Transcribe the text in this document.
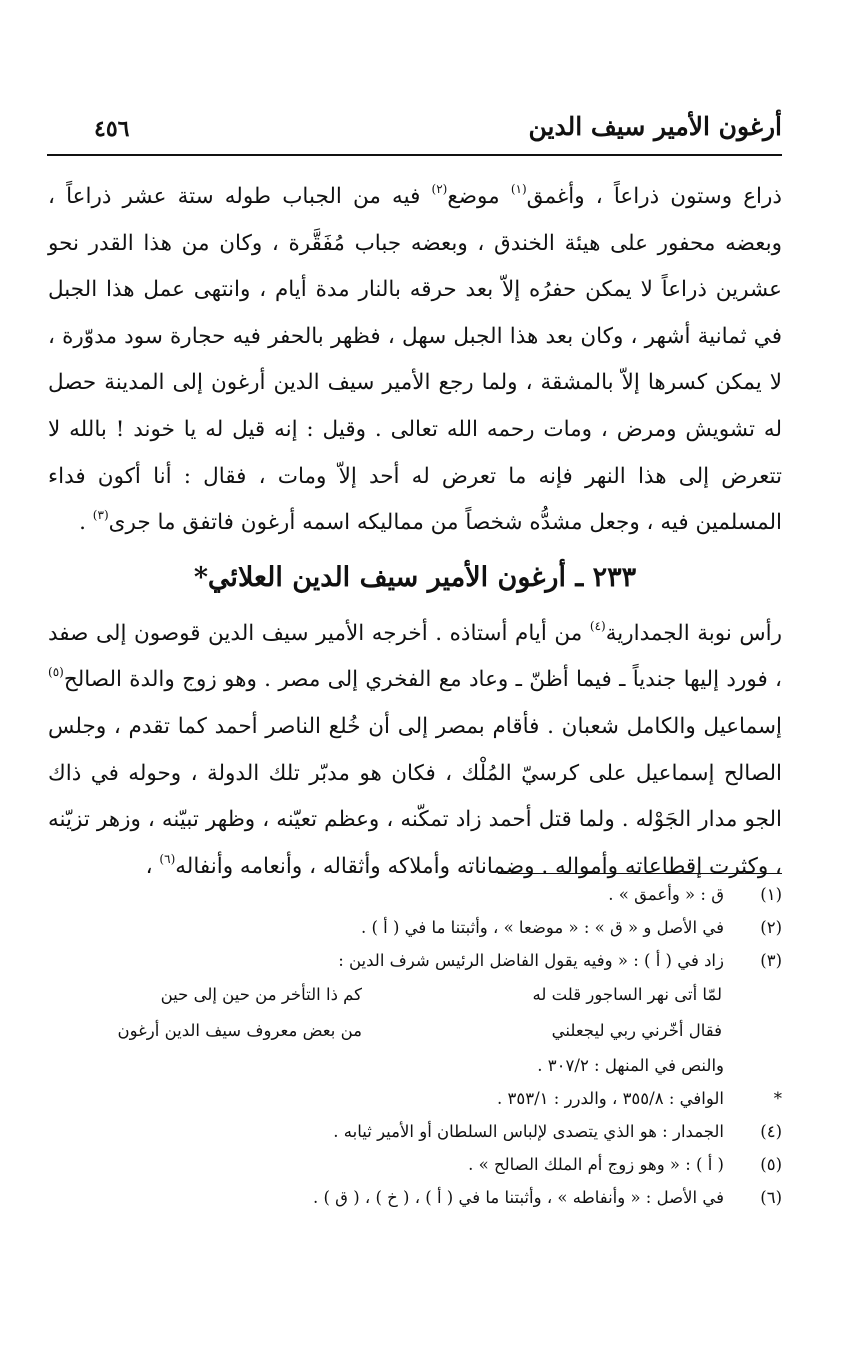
أرغون الأمير سيف الدين
٤٥٦

ذراع وستون ذراعاً ، وأغمق$^{(١)}$ موضع$^{(٢)}$ فيه من الجباب طوله ستة عشر ذراعاً ، وبعضه محفور على هيئة الخندق ، وبعضه جباب مُفَقَّرة ، وكان من هذا القدر نحو عشرين ذراعاً لا يمكن حفرُه إلاّ بعد حرقه بالنار مدة أيام ، وانتهى عمل هذا الجبل في ثمانية أشهر ، وكان بعد هذا الجبل سهل ، فظهر بالحفر فيه حجارة سود مدوّرة ، لا يمكن كسرها إلاّ بالمشقة ، ولما رجع الأمير سيف الدين أرغون إلى المدينة حصل له تشويش ومرض ، ومات رحمه الله تعالى . وقيل : إنه قيل له يا خوند ! بالله لا تتعرض إلى هذا النهر فإنه ما تعرض له أحد إلاّ ومات ، فقال : أنا أكون فداء المسلمين فيه ، وجعل مشدُّه شخصاً من مماليكه اسمه أرغون فاتفق ما جرى$^{(٣)}$ .

٢٣٣ ـ أرغون الأمير سيف الدين العلائي*

رأس نوبة الجمدارية$^{(٤)}$ من أيام أستاذه . أخرجه الأمير سيف الدين قوصون إلى صفد ، فورد إليها جندياً ـ فيما أظنّ ـ وعاد مع الفخري إلى مصر . وهو زوج والدة الصالح$^{(٥)}$ إسماعيل والكامل شعبان . فأقام بمصر إلى أن خُلع الناصر أحمد كما تقدم ، وجلس الصالح إسماعيل على كرسيّ المُلْك ، فكان هو مدبّر تلك الدولة ، وحوله في ذاك الجو مدار الجَوْله . ولما قتل أحمد زاد تمكّنه ، وعظم تعيّنه ، وظهر تبيّنه ، وزهر تزيّنه ، وكثرت إقطاعاته وأمواله . وضماناته وأملاكه وأثقاله ، وأنعامه وأنفاله$^{(٦)}$ ،

(١)
ق : « وأعمق » .
(٢)
في الأصل و « ق » : « موضعا » ، وأثبتنا ما في ( أ ) .
(٣)
زاد في ( أ ) : « وفيه يقول الفاضل الرئيس شرف الدين :
لمّا أتى نهر الساجور قلت له
كم ذا التأخر من حين إلى حين
فقال أخّرني ربي ليجعلني
من بعض معروف سيف الدين أرغون
والنص في المنهل : ٣٠٧/٢ .
*
الوافي : ٣٥٥/٨ ، والدرر : ٣٥٣/١ .
(٤)
الجمدار : هو الذي يتصدى لإلباس السلطان أو الأمير ثيابه .
(٥)
( أ ) : « وهو زوج أم الملك الصالح » .
(٦)
في الأصل : « وأنفاطه » ، وأثبتنا ما في ( أ ) ، ( خ ) ، ( ق ) .
